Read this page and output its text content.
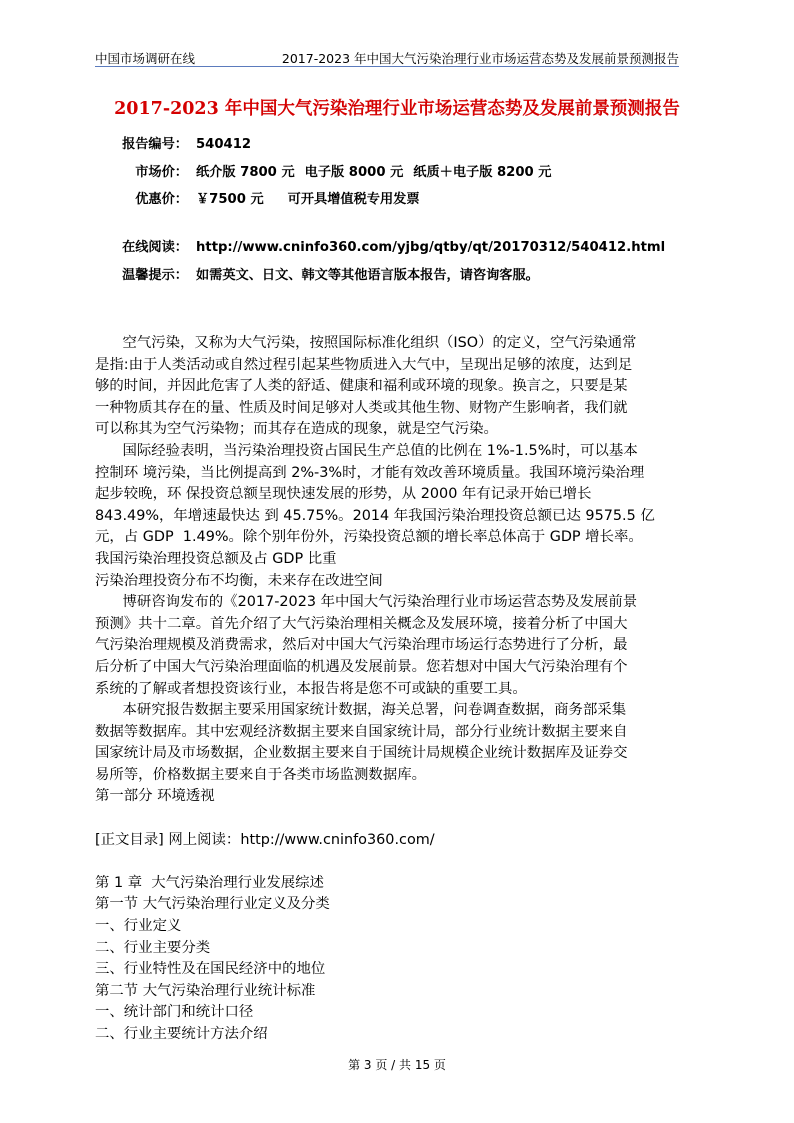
中国市场调研在线	2017-2023 年中国大气污染治理行业市场运营态势及发展前景预测报告
2017-2023 年中国大气污染治理行业市场运营态势及发展前景预测报告
报告编号： 540412
市场价： 纸介版 7800 元 电子版 8000 元 纸质＋电子版 8200 元
优惠价： ￥7500 元 可开具增值税专用发票
在线阅读： http://www.cninfo360.com/yjbg/qtby/qt/20170312/540412.html
温馨提示： 如需英文、日文、韩文等其他语言版本报告，请咨询客服。
空气污染，又称为大气污染，按照国际标准化组织（ISO）的定义，空气污染通常
是指:由于人类活动或自然过程引起某些物质进入大气中，呈现出足够的浓度，达到足
够的时间，并因此危害了人类的舒适、健康和福利或环境的现象。换言之，只要是某
一种物质其存在的量、性质及时间足够对人类或其他生物、财物产生影响者，我们就
可以称其为空气污染物；而其存在造成的现象，就是空气污染。
国际经验表明，当污染治理投资占国民生产总值的比例在 1%-1.5%时，可以基本
控制环 境污染，当比例提高到 2%-3%时，才能有效改善环境质量。我国环境污染治理
起步较晚，环 保投资总额呈现快速发展的形势，从 2000 年有记录开始已增长
843.49%，年增速最快达 到 45.75%。2014 年我国污染治理投资总额已达 9575.5 亿
元，占 GDP  1.49%。除个别年份外，污染投资总额的增长率总体高于 GDP 增长率。
我国污染治理投资总额及占 GDP 比重
污染治理投资分布不均衡，未来存在改进空间
博研咨询发布的《2017-2023 年中国大气污染治理行业市场运营态势及发展前景
预测》共十二章。首先介绍了大气污染治理相关概念及发展环境，接着分析了中国大
气污染治理规模及消费需求，然后对中国大气污染治理市场运行态势进行了分析，最
后分析了中国大气污染治理面临的机遇及发展前景。您若想对中国大气污染治理有个
系统的了解或者想投资该行业，本报告将是您不可或缺的重要工具。
本研究报告数据主要采用国家统计数据，海关总署，问卷调查数据，商务部采集
数据等数据库。其中宏观经济数据主要来自国家统计局，部分行业统计数据主要来自
国家统计局及市场数据，企业数据主要来自于国统计局规模企业统计数据库及证券交
易所等，价格数据主要来自于各类市场监测数据库。
第一部分 环境透视
[正文目录] 网上阅读：http://www.cninfo360.com/
第 1 章  大气污染治理行业发展综述
第一节 大气污染治理行业定义及分类
一、行业定义
二、行业主要分类
三、行业特性及在国民经济中的地位
第二节 大气污染治理行业统计标准
一、统计部门和统计口径
二、行业主要统计方法介绍
第 3 页 / 共 15 页
